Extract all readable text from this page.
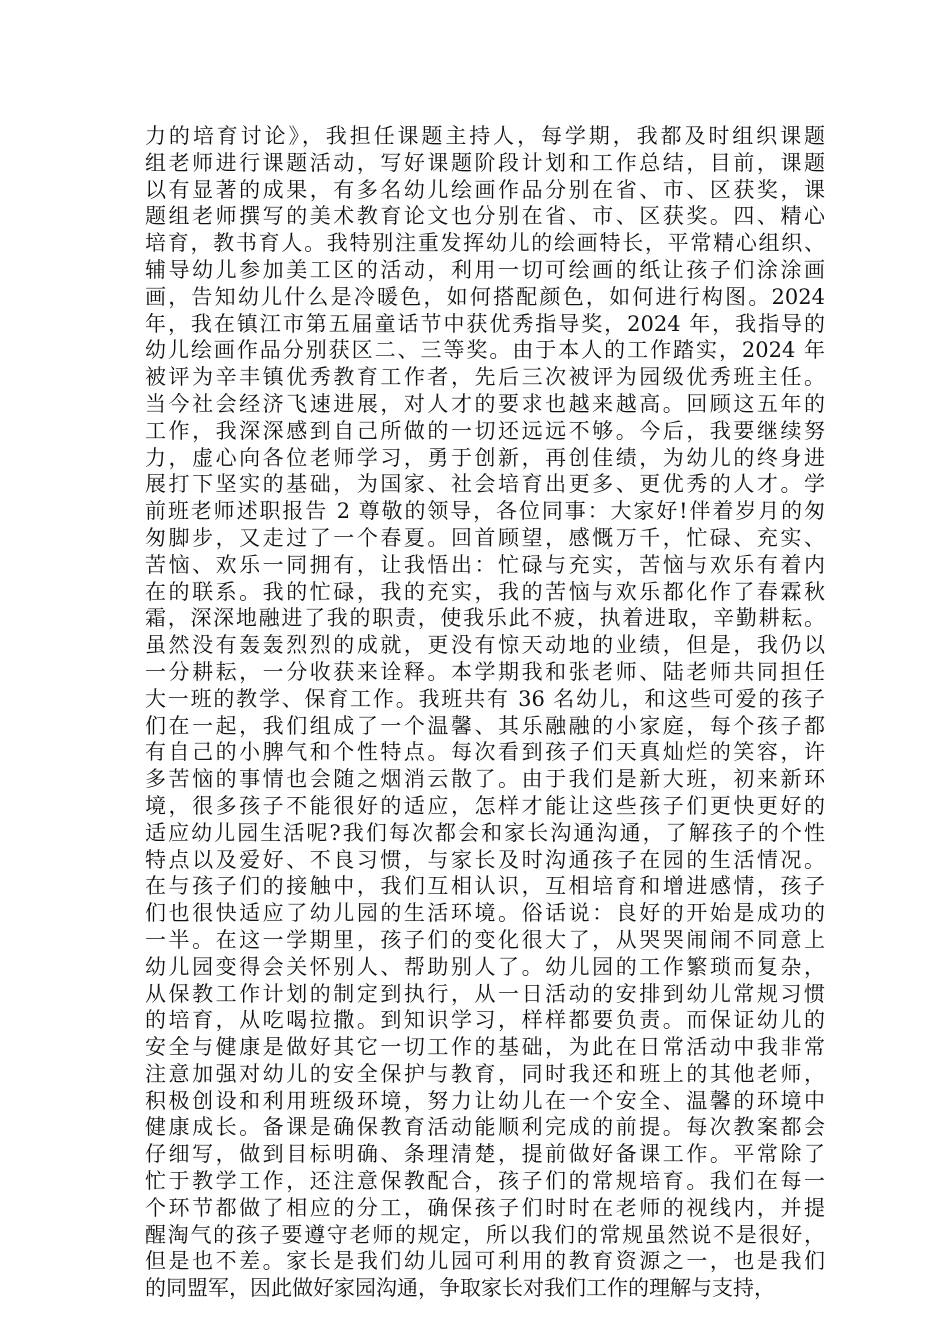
力的培育讨论》，我担任课题主持人，每学期，我都及时组织课题
组老师进行课题活动，写好课题阶段计划和工作总结，目前，课题
以有显著的成果，有多名幼儿绘画作品分别在省、市、区获奖，课
题组老师撰写的美术教育论文也分别在省、市、区获奖。四、精心
培育，教书育人。我特别注重发挥幼儿的绘画特长，平常精心组织、
辅导幼儿参加美工区的活动，利用一切可绘画的纸让孩子们涂涂画
画，告知幼儿什么是冷暖色，如何搭配颜色，如何进行构图。2024
年，我在镇江市第五届童话节中获优秀指导奖，2024 年，我指导的
幼儿绘画作品分别获区二、三等奖。由于本人的工作踏实，2024 年
被评为辛丰镇优秀教育工作者，先后三次被评为园级优秀班主任。
当今社会经济飞速进展，对人才的要求也越来越高。回顾这五年的
工作，我深深感到自己所做的一切还远远不够。今后，我要继续努
力，虚心向各位老师学习，勇于创新，再创佳绩，为幼儿的终身进
展打下坚实的基础，为国家、社会培育出更多、更优秀的人才。学
前班老师述职报告 2 尊敬的领导，各位同事：大家好!伴着岁月的匆
匆脚步，又走过了一个春夏。回首顾望，感慨万千，忙碌、充实、
苦恼、欢乐一同拥有，让我悟出：忙碌与充实，苦恼与欢乐有着内
在的联系。我的忙碌，我的充实，我的苦恼与欢乐都化作了春霖秋
霜，深深地融进了我的职责，使我乐此不疲，执着进取，辛勤耕耘。
虽然没有轰轰烈烈的成就，更没有惊天动地的业绩，但是，我仍以
一分耕耘，一分收获来诠释。本学期我和张老师、陆老师共同担任
大一班的教学、保育工作。我班共有 36 名幼儿，和这些可爱的孩子
们在一起，我们组成了一个温馨、其乐融融的小家庭，每个孩子都
有自己的小脾气和个性特点。每次看到孩子们天真灿烂的笑容，许
多苦恼的事情也会随之烟消云散了。由于我们是新大班，初来新环
境，很多孩子不能很好的适应，怎样才能让这些孩子们更快更好的
适应幼儿园生活呢?我们每次都会和家长沟通沟通，了解孩子的个性
特点以及爱好、不良习惯，与家长及时沟通孩子在园的生活情况。
在与孩子们的接触中，我们互相认识，互相培育和增进感情，孩子
们也很快适应了幼儿园的生活环境。俗话说：良好的开始是成功的
一半。在这一学期里，孩子们的变化很大了，从哭哭闹闹不同意上
幼儿园变得会关怀别人、帮助别人了。幼儿园的工作繁琐而复杂，
从保教工作计划的制定到执行，从一日活动的安排到幼儿常规习惯
的培育，从吃喝拉撒。到知识学习，样样都要负责。而保证幼儿的
安全与健康是做好其它一切工作的基础，为此在日常活动中我非常
注意加强对幼儿的安全保护与教育，同时我还和班上的其他老师，
积极创设和利用班级环境，努力让幼儿在一个安全、温馨的环境中
健康成长。备课是确保教育活动能顺利完成的前提。每次教案都会
仔细写，做到目标明确、条理清楚，提前做好备课工作。平常除了
忙于教学工作，还注意保教配合，孩子们的常规培育。我们在每一
个环节都做了相应的分工，确保孩子们时时在老师的视线内，并提
醒淘气的孩子要遵守老师的规定，所以我们的常规虽然说不是很好，
但是也不差。家长是我们幼儿园可利用的教育资源之一，也是我们
的同盟军，因此做好家园沟通，争取家长对我们工作的理解与支持，
